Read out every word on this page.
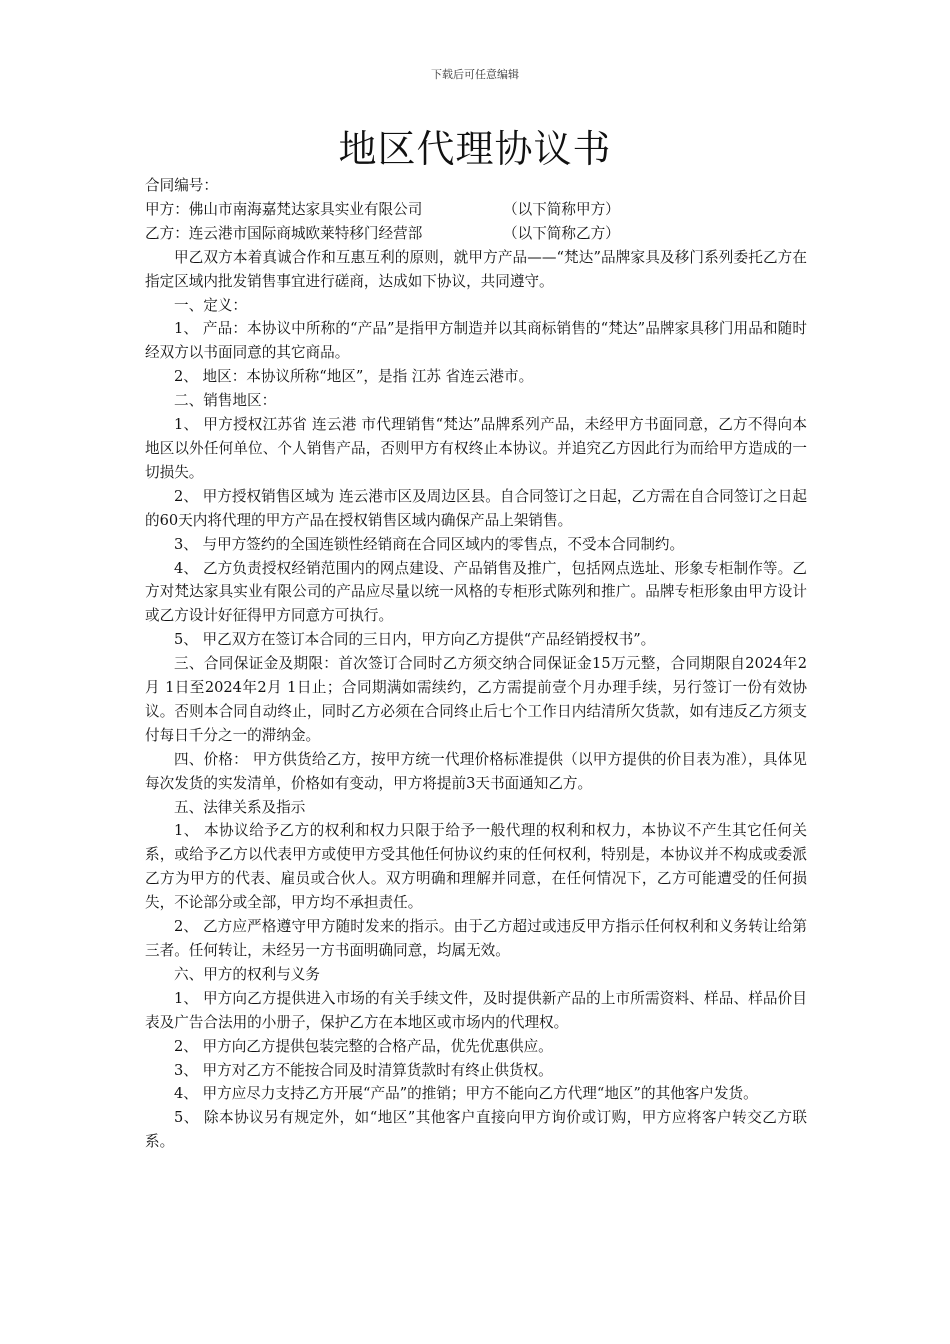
下载后可任意编辑
地区代理协议书

合同编号：

甲方：佛山市南海嘉梵达家具实业有限公司	（以下简称甲方）

乙方：连云港市国际商城欧莱特移门经营部	（以下简称乙方）

甲乙双方本着真诚合作和互惠互利的原则，就甲方产品——“梵达”品牌家具及移门系列委托乙方在指定区域内批发销售事宜进行磋商，达成如下协议，共同遵守。

一、定义：

1、 产品：本协议中所称的“产品”是指甲方制造并以其商标销售的“梵达”品牌家具移门用品和随时经双方以书面同意的其它商品。

2、 地区：本协议所称“地区”，是指 江苏 省连云港市。

二、销售地区：

1、 甲方授权江苏省 连云港 市代理销售“梵达”品牌系列产品，未经甲方书面同意，乙方不得向本地区以外任何单位、个人销售产品，否则甲方有权终止本协议。并追究乙方因此行为而给甲方造成的一切损失。

2、 甲方授权销售区域为 连云港市区及周边区县。自合同签订之日起，乙方需在自合同签订之日起的60天内将代理的甲方产品在授权销售区域内确保产品上架销售。

3、 与甲方签约的全国连锁性经销商在合同区域内的零售点，不受本合同制约。

4、 乙方负责授权经销范围内的网点建设、产品销售及推广，包括网点选址、形象专柜制作等。乙方对梵达家具实业有限公司的产品应尽量以统一风格的专柜形式陈列和推广。品牌专柜形象由甲方设计或乙方设计好征得甲方同意方可执行。

5、 甲乙双方在签订本合同的三日内，甲方向乙方提供“产品经销授权书”。

三、合同保证金及期限：首次签订合同时乙方须交纳合同保证金15万元整，合同期限自2024年2月 1日至2024年2月 1日止；合同期满如需续约，乙方需提前壹个月办理手续，另行签订一份有效协议。否则本合同自动终止，同时乙方必须在合同终止后七个工作日内结清所欠货款，如有违反乙方须支付每日千分之一的滞纳金。

四、价格： 甲方供货给乙方，按甲方统一代理价格标准提供（以甲方提供的价目表为准），具体见每次发货的实发清单，价格如有变动，甲方将提前3天书面通知乙方。

五、法律关系及指示

1、 本协议给予乙方的权利和权力只限于给予一般代理的权利和权力，本协议不产生其它任何关系，或给予乙方以代表甲方或使甲方受其他任何协议约束的任何权利，特别是，本协议并不构成或委派乙方为甲方的代表、雇员或合伙人。双方明确和理解并同意，在任何情况下，乙方可能遭受的任何损失，不论部分或全部，甲方均不承担责任。

2、 乙方应严格遵守甲方随时发来的指示。由于乙方超过或违反甲方指示任何权利和义务转让给第三者。任何转让，未经另一方书面明确同意，均属无效。

六、甲方的权利与义务

1、 甲方向乙方提供进入市场的有关手续文件，及时提供新产品的上市所需资料、样品、样品价目表及广告合法用的小册子，保护乙方在本地区或市场内的代理权。

2、 甲方向乙方提供包装完整的合格产品，优先优惠供应。

3、 甲方对乙方不能按合同及时清算货款时有终止供货权。

4、 甲方应尽力支持乙方开展“产品”的推销；甲方不能向乙方代理“地区”的其他客户发货。

5、 除本协议另有规定外，如“地区”其他客户直接向甲方询价或订购，甲方应将客户转交乙方联系。
